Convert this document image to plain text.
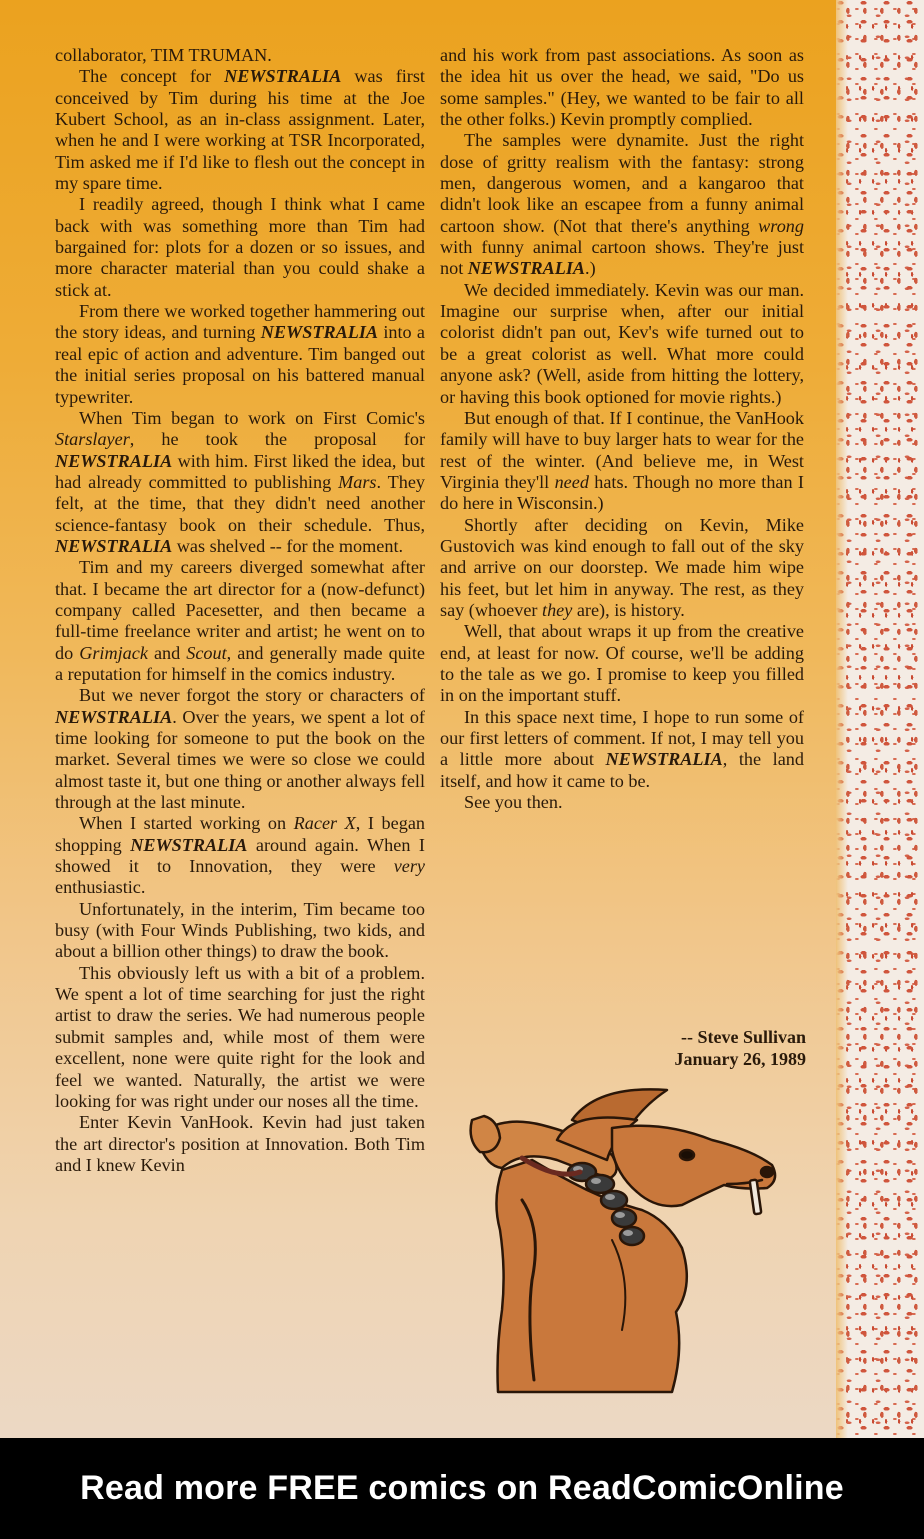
collaborator, TIM TRUMAN.

The concept for NEWSTRALIA was first conceived by Tim during his time at the Joe Kubert School, as an in-class assignment. Later, when he and I were working at TSR Incorporated, Tim asked me if I'd like to flesh out the concept in my spare time.

I readily agreed, though I think what I came back with was something more than Tim had bargained for: plots for a dozen or so issues, and more character material than you could shake a stick at.

From there we worked together hammering out the story ideas, and turning NEWSTRALIA into a real epic of action and adventure. Tim banged out the initial series proposal on his battered manual typewriter.

When Tim began to work on First Comic's Starslayer, he took the proposal for NEWSTRALIA with him. First liked the idea, but had already committed to publishing Mars. They felt, at the time, that they didn't need another science-fantasy book on their schedule. Thus, NEWSTRALIA was shelved -- for the moment.

Tim and my careers diverged somewhat after that. I became the art director for a (now-defunct) company called Pacesetter, and then became a full-time freelance writer and artist; he went on to do Grimjack and Scout, and generally made quite a reputation for himself in the comics industry.

But we never forgot the story or characters of NEWSTRALIA. Over the years, we spent a lot of time looking for someone to put the book on the market. Several times we were so close we could almost taste it, but one thing or another always fell through at the last minute.

When I started working on Racer X, I began shopping NEWSTRALIA around again. When I showed it to Innovation, they were very enthusiastic.

Unfortunately, in the interim, Tim became too busy (with Four Winds Publishing, two kids, and about a billion other things) to draw the book.

This obviously left us with a bit of a problem. We spent a lot of time searching for just the right artist to draw the series. We had numerous people submit samples and, while most of them were excellent, none were quite right for the look and feel we wanted. Naturally, the artist we were looking for was right under our noses all the time.

Enter Kevin VanHook. Kevin had just taken the art director's position at Innovation. Both Tim and I knew Kevin

and his work from past associations. As soon as the idea hit us over the head, we said, "Do us some samples." (Hey, we wanted to be fair to all the other folks.) Kevin promptly complied.

The samples were dynamite. Just the right dose of gritty realism with the fantasy: strong men, dangerous women, and a kangaroo that didn't look like an escapee from a funny animal cartoon show. (Not that there's anything wrong with funny animal cartoon shows. They're just not NEWSTRALIA.)

We decided immediately. Kevin was our man. Imagine our surprise when, after our initial colorist didn't pan out, Kev's wife turned out to be a great colorist as well. What more could anyone ask? (Well, aside from hitting the lottery, or having this book optioned for movie rights.)

But enough of that. If I continue, the VanHook family will have to buy larger hats to wear for the rest of the winter. (And believe me, in West Virginia they'll need hats. Though no more than I do here in Wisconsin.)

Shortly after deciding on Kevin, Mike Gustovich was kind enough to fall out of the sky and arrive on our doorstep. We made him wipe his feet, but let him in anyway. The rest, as they say (whoever they are), is history.

Well, that about wraps it up from the creative end, at least for now. Of course, we'll be adding to the tale as we go. I promise to keep you filled in on the important stuff.

In this space next time, I hope to run some of our first letters of comment. If not, I may tell you a little more about NEWSTRALIA, the land itself, and how it came to be.

See you then.

-- Steve Sullivan
January 26, 1989
Read more FREE comics on ReadComicOnline
